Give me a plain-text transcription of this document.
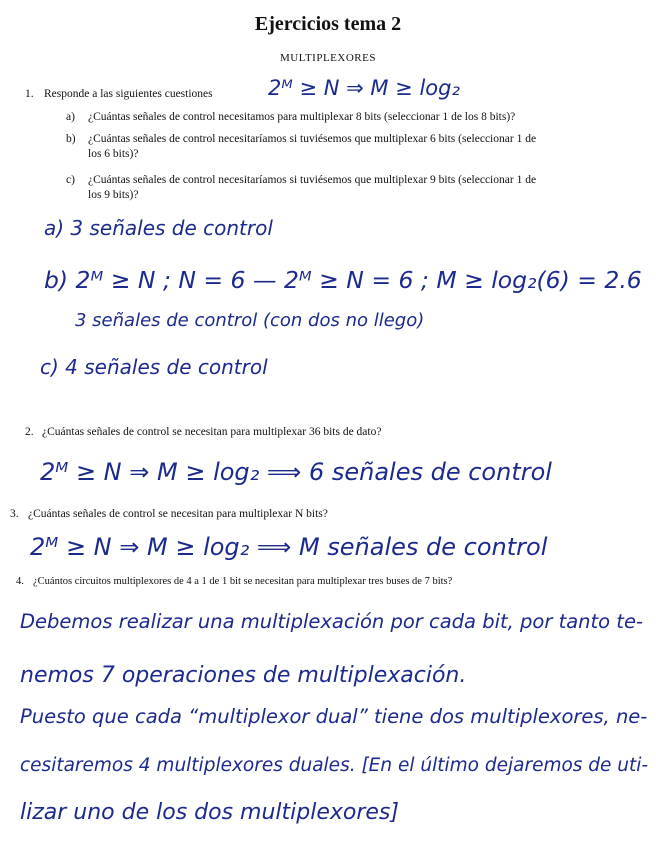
Ejercicios tema 2
MULTIPLEXORES
1. Responde a las siguientes cuestiones	2ᴹ ≥ N ⇒ M ≥ log₂
a) ¿Cuántas señales de control necesitamos para multiplexar 8 bits (seleccionar 1 de los 8 bits)?
b) ¿Cuántas señales de control necesitaríamos si tuviésemos que multiplexar 6 bits (seleccionar 1 de
los 6 bits)?
c) ¿Cuántas señales de control necesitaríamos si tuviésemos que multiplexar 9 bits (seleccionar 1 de
los 9 bits)?
a) 3 señales de control
b) 2ᴹ ≥ N ; N = 6 — 2ᴹ ≥ N = 6 ; M ≥ log₂(6) = 2.6
3 señales de control (con dos no llego)
c) 4 señales de control
2. ¿Cuántas señales de control se necesitan para multiplexar 36 bits de dato?
2ᴹ ≥ N ⇒ M ≥ log₂ ⟹ 6 señales de control
3. ¿Cuántas señales de control se necesitan para multiplexar N bits?
2ᴹ ≥ N ⇒ M ≥ log₂ ⟹ M señales de control
4. ¿Cuántos circuitos multiplexores de 4 a 1 de 1 bit se necesitan para multiplexar tres buses de 7 bits?
Debemos realizar una multiplexación por cada bit, por tanto te-
nemos 7 operaciones de multiplexación.
Puesto que cada “multiplexor dual” tiene dos multiplexores, ne-
cesitaremos 4 multiplexores duales. [En el último dejaremos de uti-
lizar uno de los dos multiplexores]
